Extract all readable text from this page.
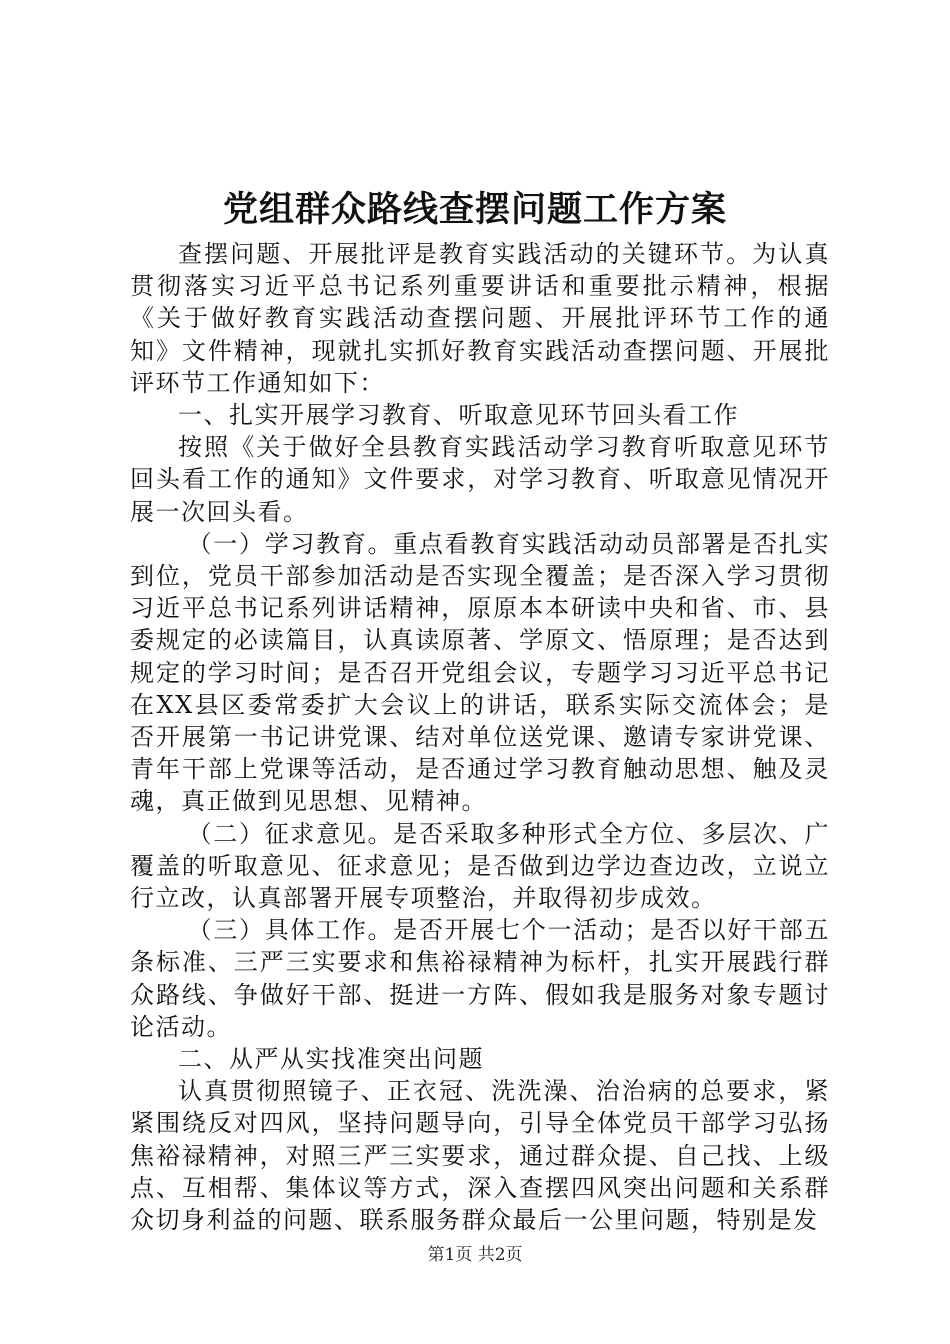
党组群众路线查摆问题工作方案

查摆问题、开展批评是教育实践活动的关键环节。为认真贯彻落实习近平总书记系列重要讲话和重要批示精神，根据《关于做好教育实践活动查摆问题、开展批评环节工作的通知》文件精神，现就扎实抓好教育实践活动查摆问题、开展批评环节工作通知如下：

一、扎实开展学习教育、听取意见环节回头看工作

按照《关于做好全县教育实践活动学习教育听取意见环节回头看工作的通知》文件要求，对学习教育、听取意见情况开展一次回头看。

（一）学习教育。重点看教育实践活动动员部署是否扎实到位，党员干部参加活动是否实现全覆盖；是否深入学习贯彻习近平总书记系列讲话精神，原原本本研读中央和省、市、县委规定的必读篇目，认真读原著、学原文、悟原理；是否达到规定的学习时间；是否召开党组会议，专题学习习近平总书记在XX县区委常委扩大会议上的讲话，联系实际交流体会；是否开展第一书记讲党课、结对单位送党课、邀请专家讲党课、青年干部上党课等活动，是否通过学习教育触动思想、触及灵魂，真正做到见思想、见精神。

（二）征求意见。是否采取多种形式全方位、多层次、广覆盖的听取意见、征求意见；是否做到边学边查边改，立说立行立改，认真部署开展专项整治，并取得初步成效。

（三）具体工作。是否开展七个一活动；是否以好干部五条标准、三严三实要求和焦裕禄精神为标杆，扎实开展践行群众路线、争做好干部、挺进一方阵、假如我是服务对象专题讨论活动。

二、从严从实找准突出问题

认真贯彻照镜子、正衣冠、洗洗澡、治治病的总要求，紧紧围绕反对四风，坚持问题导向，引导全体党员干部学习弘扬焦裕禄精神，对照三严三实要求，通过群众提、自己找、上级点、互相帮、集体议等方式，深入查摆四风突出问题和关系群众切身利益的问题、联系服务群众最后一公里问题，特别是发

第1页 共2页
